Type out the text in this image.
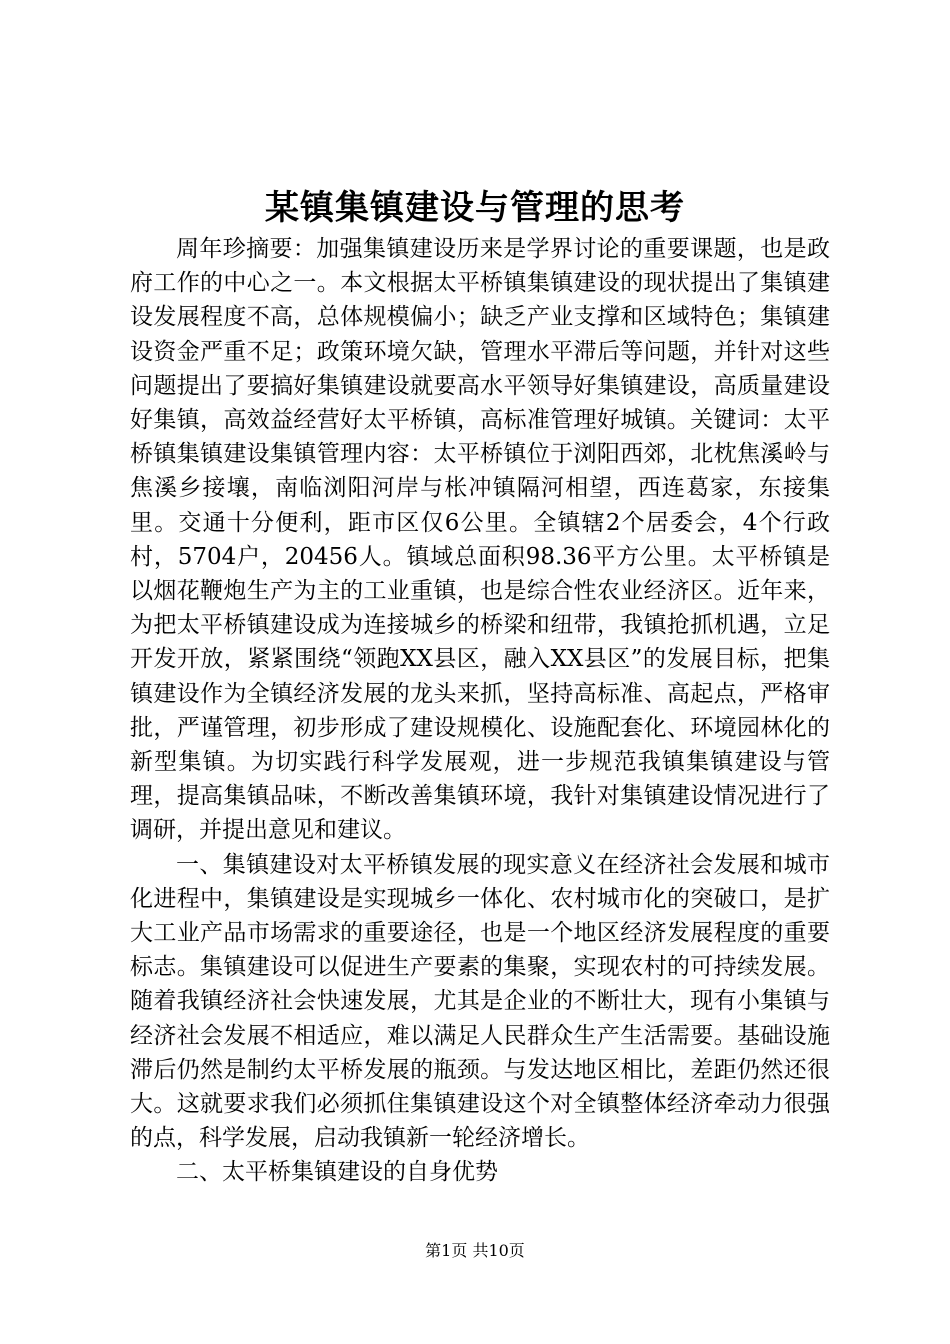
某镇集镇建设与管理的思考

周年珍摘要：加强集镇建设历来是学界讨论的重要课题，也是政府工作的中心之一。本文根据太平桥镇集镇建设的现状提出了集镇建设发展程度不高，总体规模偏小；缺乏产业支撑和区域特色；集镇建设资金严重不足；政策环境欠缺，管理水平滞后等问题，并针对这些问题提出了要搞好集镇建设就要高水平领导好集镇建设，高质量建设好集镇，高效益经营好太平桥镇，高标准管理好城镇。关键词：太平桥镇集镇建设集镇管理内容：太平桥镇位于浏阳西郊，北枕焦溪岭与焦溪乡接壤，南临浏阳河岸与枨冲镇隔河相望，西连葛家，东接集里。交通十分便利，距市区仅6公里。全镇辖2个居委会，4个行政村，5704户，20456人。镇域总面积98.36平方公里。太平桥镇是以烟花鞭炮生产为主的工业重镇，也是综合性农业经济区。近年来，为把太平桥镇建设成为连接城乡的桥梁和纽带，我镇抢抓机遇，立足开发开放，紧紧围绕“领跑XX县区，融入XX县区”的发展目标，把集镇建设作为全镇经济发展的龙头来抓，坚持高标准、高起点，严格审批，严谨管理，初步形成了建设规模化、设施配套化、环境园林化的新型集镇。为切实践行科学发展观，进一步规范我镇集镇建设与管理，提高集镇品味，不断改善集镇环境，我针对集镇建设情况进行了调研，并提出意见和建议。

一、集镇建设对太平桥镇发展的现实意义在经济社会发展和城市化进程中，集镇建设是实现城乡一体化、农村城市化的突破口，是扩大工业产品市场需求的重要途径，也是一个地区经济发展程度的重要标志。集镇建设可以促进生产要素的集聚，实现农村的可持续发展。随着我镇经济社会快速发展，尤其是企业的不断壮大，现有小集镇与经济社会发展不相适应，难以满足人民群众生产生活需要。基础设施滞后仍然是制约太平桥发展的瓶颈。与发达地区相比，差距仍然还很大。这就要求我们必须抓住集镇建设这个对全镇整体经济牵动力很强的点，科学发展，启动我镇新一轮经济增长。

二、太平桥集镇建设的自身优势

第1页 共10页
